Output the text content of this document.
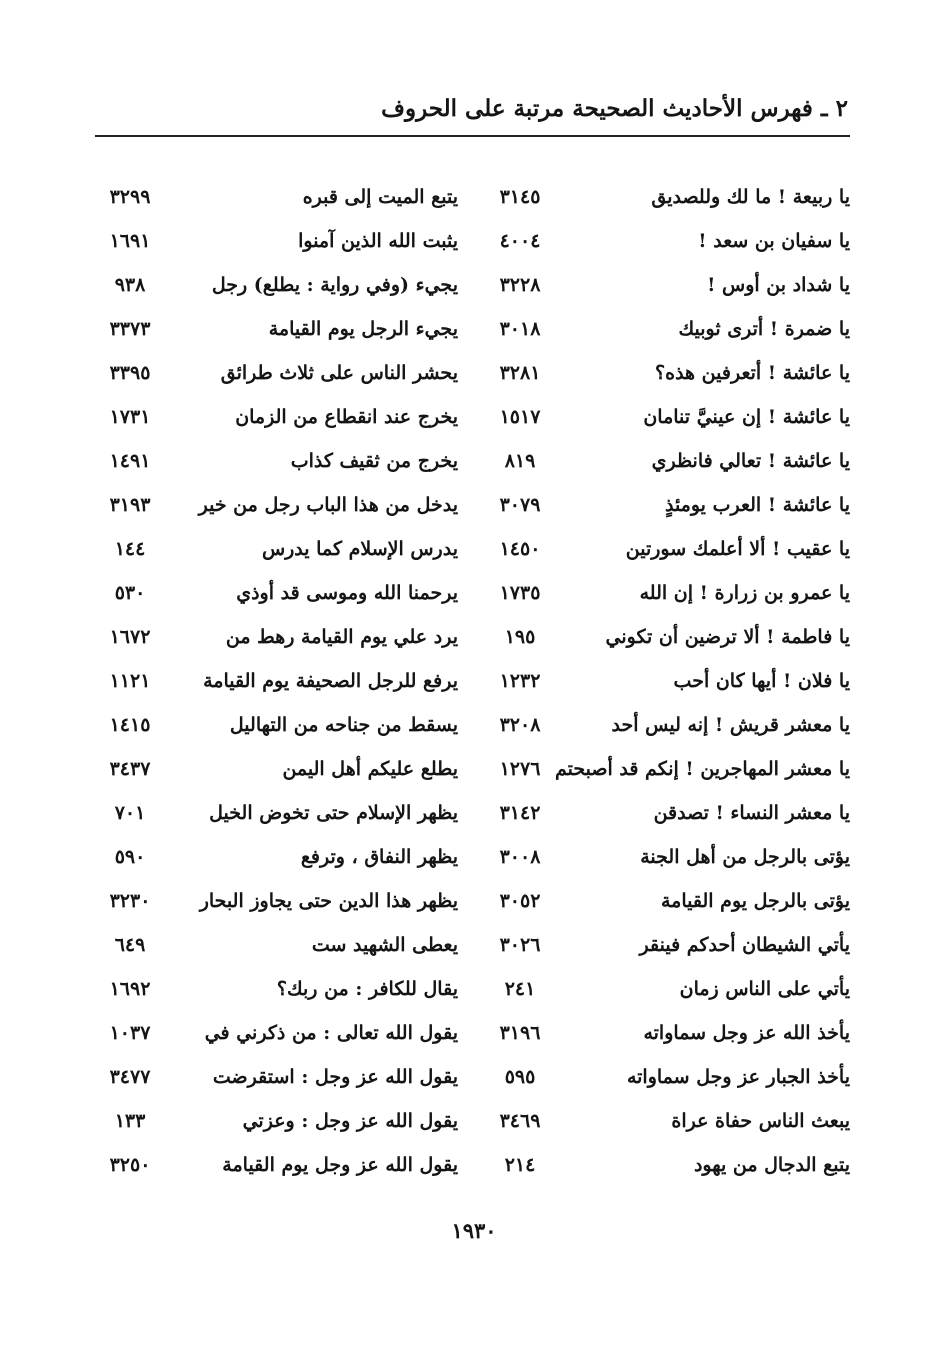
٢ ـ فهرس الأحاديث الصحيحة مرتبة على الحروف
يا ربيعة ! ما لك وللصديق
٣١٤٥
يتبع الميت إلى قبره
٣٢٩٩
يا سفيان بن سعد !
٤٠٠٤
يثبت الله الذين آمنوا
١٦٩١
يا شداد بن أوس !
٣٢٢٨
يجيء (وفي رواية : يطلع) رجل
٩٣٨
يا ضمرة ! أترى ثوبيك
٣٠١٨
يجيء الرجل يوم القيامة
٣٣٧٣
يا عائشة ! أتعرفين هذه؟
٣٢٨١
يحشر الناس على ثلاث طرائق
٣٣٩٥
يا عائشة ! إن عينيَّ تنامان
١٥١٧
يخرج عند انقطاع من الزمان
١٧٣١
يا عائشة ! تعالي فانظري
٨١٩
يخرج من ثقيف كذاب
١٤٩١
يا عائشة ! العرب يومئذٍ
٣٠٧٩
يدخل من هذا الباب رجل من خير
٣١٩٣
يا عقيب ! ألا أعلمك سورتين
١٤٥٠
يدرس الإسلام كما يدرس
١٤٤
يا عمرو بن زرارة ! إن الله
١٧٣٥
يرحمنا الله وموسى قد أوذي
٥٣٠
يا فاطمة ! ألا ترضين أن تكوني
١٩٥
يرد علي يوم القيامة رهط من
١٦٧٢
يا فلان ! أيها كان أحب
١٢٣٢
يرفع للرجل الصحيفة يوم القيامة
١١٢١
يا معشر قريش ! إنه ليس أحد
٣٢٠٨
يسقط من جناحه من التهاليل
١٤١٥
يا معشر المهاجرين ! إنكم قد أصبحتم
١٢٧٦
يطلع عليكم أهل اليمن
٣٤٣٧
يا معشر النساء ! تصدقن
٣١٤٢
يظهر الإسلام حتى تخوض الخيل
٧٠١
يؤتى بالرجل من أهل الجنة
٣٠٠٨
يظهر النفاق ، وترفع
٥٩٠
يؤتى بالرجل يوم القيامة
٣٠٥٢
يظهر هذا الدين حتى يجاوز البحار
٣٢٣٠
يأتي الشيطان أحدكم فينقر
٣٠٢٦
يعطى الشهيد ست
٦٤٩
يأتي على الناس زمان
٢٤١
يقال للكافر : من ربك؟
١٦٩٢
يأخذ الله عز وجل سماواته
٣١٩٦
يقول الله تعالى : من ذكرني في
١٠٣٧
يأخذ الجبار عز وجل سماواته
٥٩٥
يقول الله عز وجل : استقرضت
٣٤٧٧
يبعث الناس حفاة عراة
٣٤٦٩
يقول الله عز وجل : وعزتي
١٣٣
يتبع الدجال من يهود
٢١٤
يقول الله عز وجل يوم القيامة
٣٢٥٠
١٩٣٠
